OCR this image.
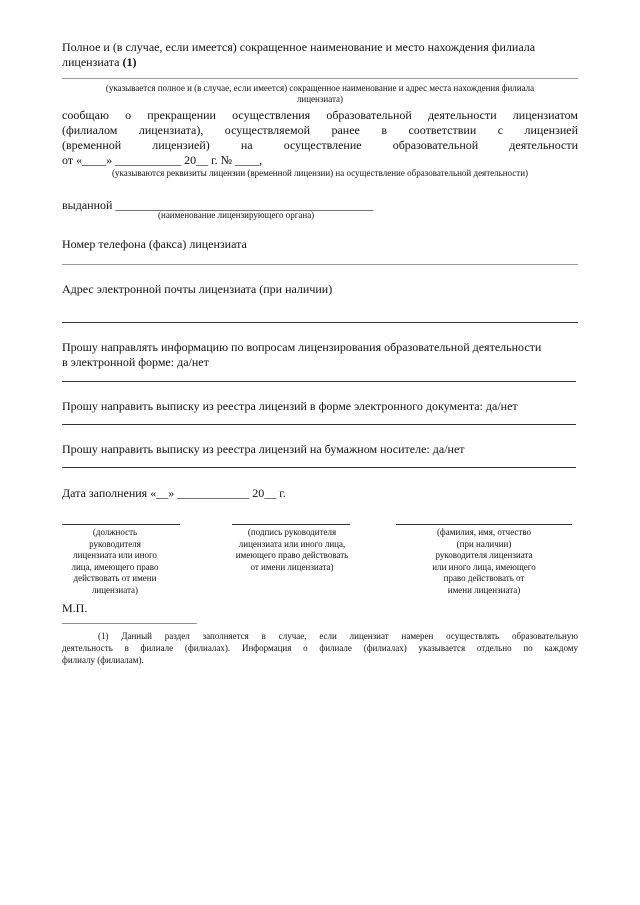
Полное и (в случае, если имеется) сокращенное наименование и место нахождения филиала
лицензиата (1)
(указывается полное и (в случае, если имеется) сокращенное наименование и адрес места нахождения филиала
лицензиата)
сообщаю о прекращении осуществления образовательной деятельности лицензиатом
(филиалом лицензиата), осуществляемой ранее в соответствии с лицензией
(временной лицензией) на осуществление образовательной деятельности
от «____» ___________ 20__ г. № ____,
(указываются реквизиты лицензии (временной лицензии) на осуществление образовательной деятельности)
выданной ___________________________________________
(наименование лицензирующего органа)
Номер телефона (факса) лицензиата
Адрес электронной почты лицензиата (при наличии)
Прошу направлять информацию по вопросам лицензирования образовательной деятельности
в электронной форме: да/нет
Прошу направить выписку из реестра лицензий в форме электронного документа: да/нет
Прошу направить выписку из реестра лицензий на бумажном носителе: да/нет
Дата заполнения «__» ____________ 20__ г.
(должность
руководителя
лицензиата или иного
лица, имеющего право
действовать от имени
лицензиата)
(подпись руководителя
лицензиата или иного лица,
имеющего право действовать
от имени лицензиата)
(фамилия, имя, отчество
(при наличии)
руководителя лицензиата
или иного лица, имеющего
право действовать от
имени лицензиата)
М.П.
________________________________
(1) Данный раздел заполняется в случае, если лицензиат намерен осуществлять образовательную
деятельность в филиале (филиалах). Информация о филиале (филиалах) указывается отдельно по каждому
филиалу (филиалам).
